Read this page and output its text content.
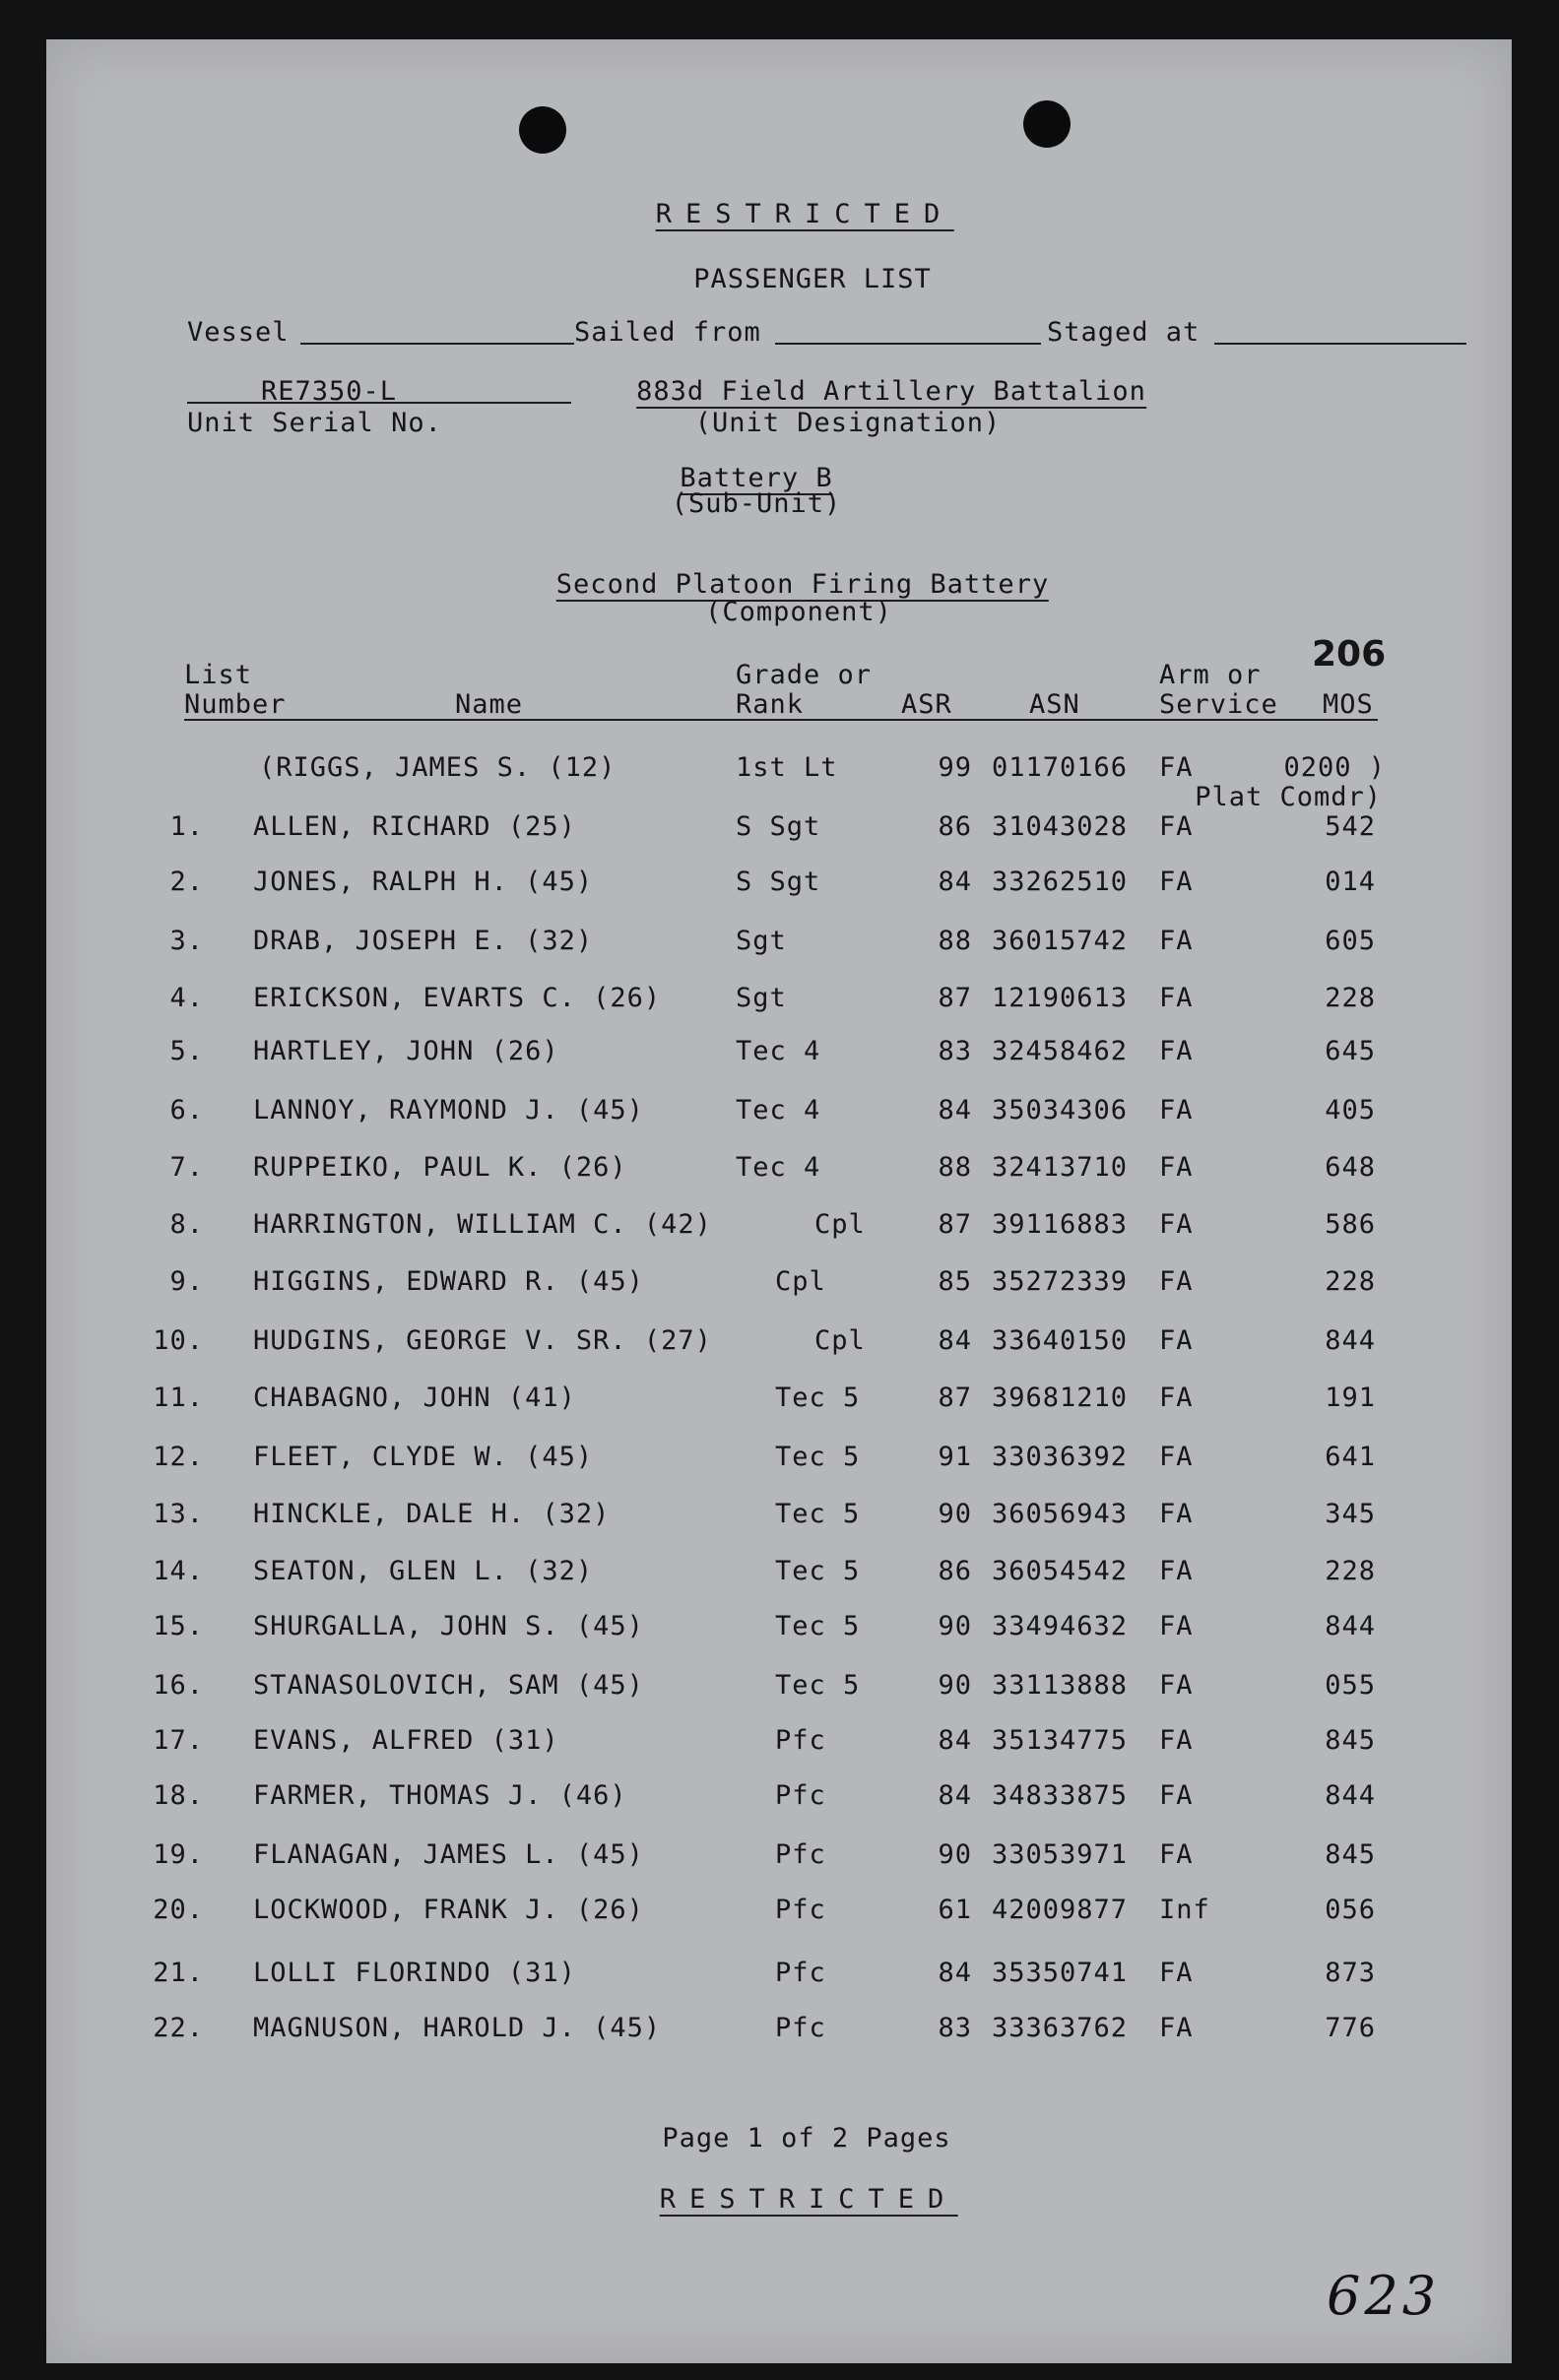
RESTRICTED
PASSENGER LIST
Vessel	Sailed from	Staged at
RE7350-L
Unit Serial No.
883d Field Artillery Battalion
(Unit Designation)
Battery B
(Sub-Unit)
Second Platoon Firing Battery
(Component)
206
List
Number	Name
Grade or
Rank	ASR	ASN
Arm or
Service MOS
(RIGGS, JAMES S. (12)	1st Lt	99 01170166 FA	0200 )
Plat Comdr)
1. ALLEN, RICHARD (25)	S Sgt	86 31043028 FA	542
2. JONES, RALPH H. (45)	S Sgt	84 33262510 FA	014
3. DRAB, JOSEPH E. (32)	Sgt	88 36015742 FA	605
4. ERICKSON, EVARTS C. (26)	Sgt	87 12190613 FA	228
5. HARTLEY, JOHN (26)	Tec 4	83 32458462 FA	645
6. LANNOY, RAYMOND J. (45)	Tec 4	84 35034306 FA	405
7. RUPPEIKO, PAUL K. (26)	Tec 4	88 32413710 FA	648
8. HARRINGTON, WILLIAM C. (42)	Cpl	87 39116883 FA	586
9. HIGGINS, EDWARD R. (45)	Cpl	85 35272339 FA	228
10. HUDGINS, GEORGE V. SR. (27)	Cpl	84 33640150 FA	844
11. CHABAGNO, JOHN (41)	Tec 5	87 39681210 FA	191
12. FLEET, CLYDE W. (45)	Tec 5	91 33036392 FA	641
13. HINCKLE, DALE H. (32)	Tec 5	90 36056943 FA	345
14. SEATON, GLEN L. (32)	Tec 5	86 36054542 FA	228
15. SHURGALLA, JOHN S. (45)	Tec 5	90 33494632 FA	844
16. STANASOLOVICH, SAM (45)	Tec 5	90 33113888 FA	055
17. EVANS, ALFRED (31)	Pfc	84 35134775 FA	845
18. FARMER, THOMAS J. (46)	Pfc	84 34833875 FA	844
19. FLANAGAN, JAMES L. (45)	Pfc	90 33053971 FA	845
20. LOCKWOOD, FRANK J. (26)	Pfc	61 42009877 Inf	056
21. LOLLI FLORINDO (31)	Pfc	84 35350741 FA	873
22. MAGNUSON, HAROLD J. (45)	Pfc	83 33363762 FA	776
Page 1 of 2 Pages
RESTRICTED
623
